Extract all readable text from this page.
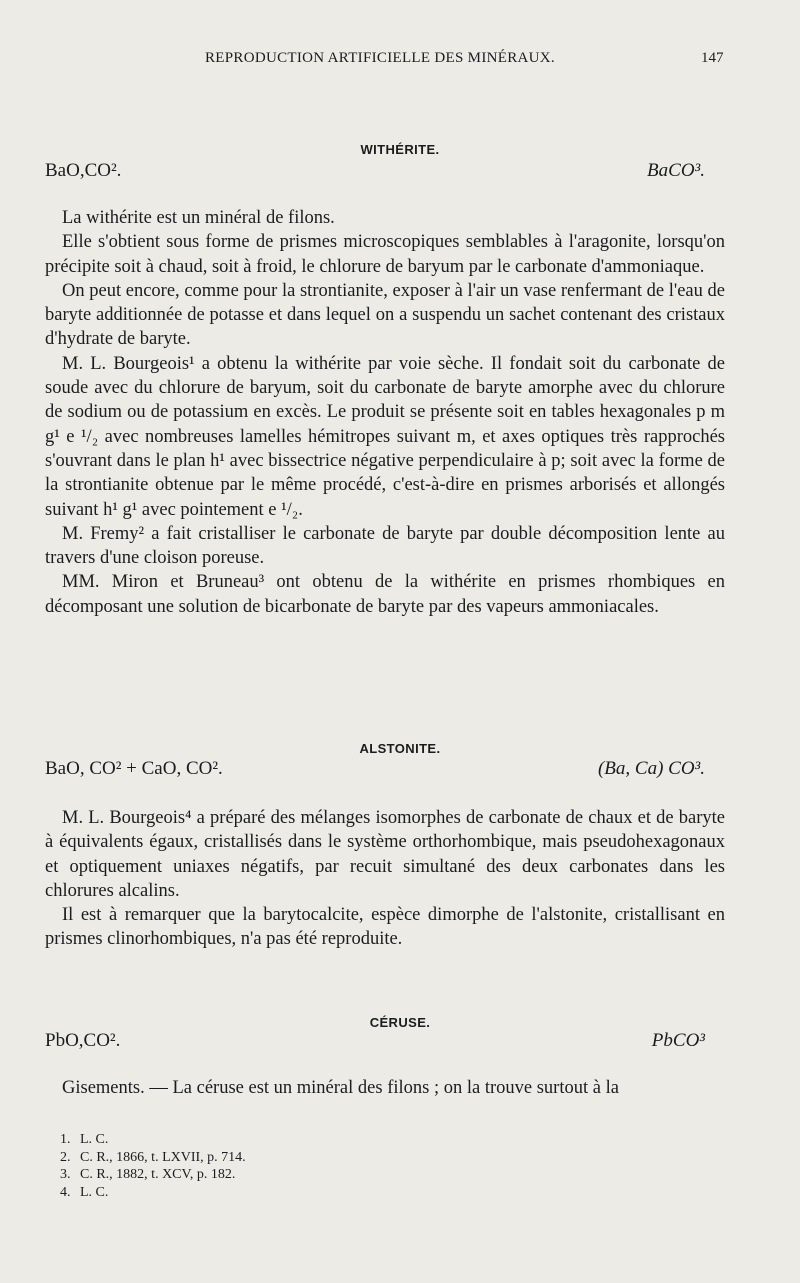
REPRODUCTION ARTIFICIELLE DES MINÉRAUX.	147
WITHÉRITE.
BaO,CO².	BaCO³.

La withérite est un minéral de filons.

Elle s'obtient sous forme de prismes microscopiques semblables à l'aragonite, lorsqu'on précipite soit à chaud, soit à froid, le chlorure de baryum par le carbonate d'ammoniaque.

On peut encore, comme pour la strontianite, exposer à l'air un vase renfermant de l'eau de baryte additionnée de potasse et dans lequel on a suspendu un sachet contenant des cristaux d'hydrate de baryte.

M. L. Bourgeois¹ a obtenu la withérite par voie sèche. Il fondait soit du carbonate de soude avec du chlorure de baryum, soit du carbonate de baryte amorphe avec du chlorure de sodium ou de potassium en excès. Le produit se présente soit en tables hexagonales p m g¹ e ¹/₂ avec nombreuses lamelles hémitropes suivant m, et axes optiques très rapprochés s'ouvrant dans le plan h¹ avec bissectrice négative perpendiculaire à p; soit avec la forme de la strontianite obtenue par le même procédé, c'est-à-dire en prismes arborisés et allongés suivant h¹ g¹ avec pointement e ¹/₂.

M. Fremy² a fait cristalliser le carbonate de baryte par double décomposition lente au travers d'une cloison poreuse.

MM. Miron et Bruneau³ ont obtenu de la withérite en prismes rhombiques en décomposant une solution de bicarbonate de baryte par des vapeurs ammoniacales.

ALSTONITE.
BaO, CO² + CaO, CO².	(Ba, Ca) CO³.

M. L. Bourgeois⁴ a préparé des mélanges isomorphes de carbonate de chaux et de baryte à équivalents égaux, cristallisés dans le système orthorhombique, mais pseudohexagonaux et optiquement uniaxes négatifs, par recuit simultané des deux carbonates dans les chlorures alcalins.

Il est à remarquer que la barytocalcite, espèce dimorphe de l'alstonite, cristallisant en prismes clinorhombiques, n'a pas été reproduite.

CÉRUSE.
PbO,CO².	PbCO³

Gisements. — La céruse est un minéral des filons ; on la trouve surtout à la

1. L. C.
2. C. R., 1866, t. LXVII, p. 714.
3. C. R., 1882, t. XCV, p. 182.
4. L. C.
